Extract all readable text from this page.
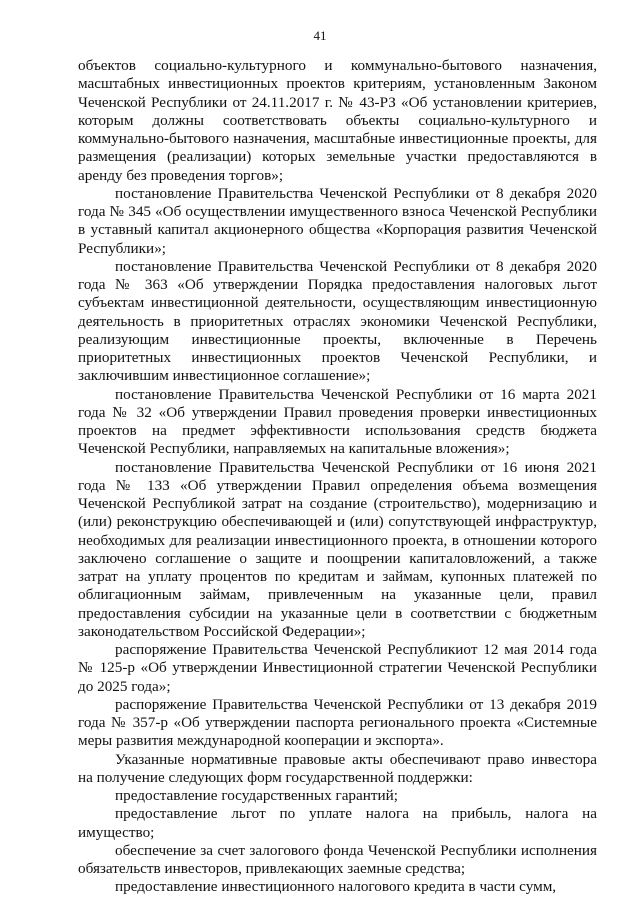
41

объектов социально-культурного и коммунально-бытового назначения, масштабных инвестиционных проектов критериям, установленным Законом Чеченской Республики от 24.11.2017 г. № 43-РЗ «Об установлении критериев, которым должны соответствовать объекты социально-культурного и коммунально-бытового назначения, масштабные инвестиционные проекты, для размещения (реализации) которых земельные участки предоставляются в аренду без проведения торгов»;

постановление Правительства Чеченской Республики от 8 декабря 2020 года № 345 «Об осуществлении имущественного взноса Чеченской Республики в уставный капитал акционерного общества «Корпорация развития Чеченской Республики»;

постановление Правительства Чеченской Республики от 8 декабря 2020 года № 363 «Об утверждении Порядка предоставления налоговых льгот субъектам инвестиционной деятельности, осуществляющим инвестиционную деятельность в приоритетных отраслях экономики Чеченской Республики, реализующим инвестиционные проекты, включенные в Перечень приоритетных инвестиционных проектов Чеченской Республики, и заключившим инвестиционное соглашение»;

постановление Правительства Чеченской Республики от 16 марта 2021 года № 32 «Об утверждении Правил проведения проверки инвестиционных проектов на предмет эффективности использования средств бюджета Чеченской Республики, направляемых на капитальные вложения»;

постановление Правительства Чеченской Республики от 16 июня 2021 года № 133 «Об утверждении Правил определения объема возмещения Чеченской Республикой затрат на создание (строительство), модернизацию и (или) реконструкцию обеспечивающей и (или) сопутствующей инфраструктур, необходимых для реализации инвестиционного проекта, в отношении которого заключено соглашение о защите и поощрении капиталовложений, а также затрат на уплату процентов по кредитам и займам, купонных платежей по облигационным займам, привлеченным на указанные цели, правил предоставления субсидии на указанные цели в соответствии с бюджетным законодательством Российской Федерации»;

распоряжение Правительства Чеченской Республикиот 12 мая 2014 года № 125-р «Об утверждении Инвестиционной стратегии Чеченской Республики до 2025 года»;

распоряжение Правительства Чеченской Республики от 13 декабря 2019 года № 357-р «Об утверждении паспорта регионального проекта «Системные меры развития международной кооперации и экспорта».

Указанные нормативные правовые акты обеспечивают право инвестора на получение следующих форм государственной поддержки:

предоставление государственных гарантий;

предоставление льгот по уплате налога на прибыль, налога на имущество;

обеспечение за счет залогового фонда Чеченской Республики исполнения обязательств инвесторов, привлекающих заемные средства;

предоставление инвестиционного налогового кредита в части сумм,
